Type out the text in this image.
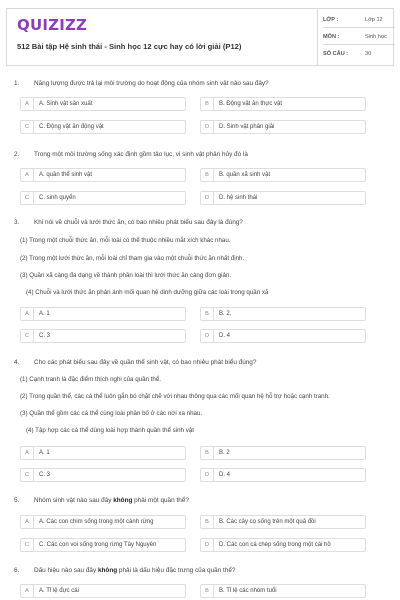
QUIZIZZ
512 Bài tập Hệ sinh thái - Sinh học 12 cực hay có lời giải (P12)
LỚP :	Lớp 12
MÔN :	Sinh học
SỐ CÂU :	30
1. Năng lượng được trả lại môi trường do hoạt động của nhóm sinh vật nào sau đây?
A	A. Sinh vật sản xuất	B	B. Động vật ăn thực vật
C	C. Động vật ăn động vật	D	D. Sinh vật phân giải
2. Trong một môi trường sống xác định gồm tảo lục, vi sinh vật phân hủy đó là
A	A. quần thể sinh vật	B	B. quần xã sinh vật
C	C. sinh quyển	D	D. hệ sinh thái
3. Khi nói về chuỗi và lưới thức ăn, có bao nhiêu phát biểu sau đây là đúng?
(1) Trong một chuỗi thức ăn, mỗi loài có thể thuộc nhiều mắt xích khác nhau.
(2) Trong một lưới thức ăn, mỗi loài chỉ tham gia vào một chuỗi thức ăn nhất định.
(3) Quần xã càng đa dạng về thành phần loài thì lưới thức ăn càng đơn giản.
(4) Chuỗi và lưới thức ăn phản ánh mối quan hệ dinh dưỡng giữa các loài trong quần xã
A	A. 1	B	B. 2.
C	C. 3	D	D. 4
4. Cho các phát biểu sau đây về quần thể sinh vật, có bao nhiêu phát biểu đúng?
(1) Cạnh tranh là đặc điểm thích nghi của quần thể.
(2) Trong quần thể, các cá thể luôn gắn bó chặt chẽ với nhau thông qua các mối quan hệ hỗ trợ hoặc cạnh tranh.
(3) Quần thể gồm các cá thể cùng loài phân bố ở các nơi xa nhau.
(4) Tập hợp các cá thể dùng loài hợp thành quần thể sinh vật
A	A. 1	B	B. 2
C	C. 3	D	D. 4
5. Nhóm sinh vật nào sau đây không phải một quần thể?
A	A. Các con chim sống trong một cánh rừng	B	B. Các cây cọ sống trên một quả đồi
C	C. Các con voi sống trong rừng Tây Nguyên	D	D. Các con cá chép sống trong một cái hồ
6. Dấu hiệu nào sau đây không phải là dấu hiệu đặc trưng của quần thể?
A	A. Tỉ lệ đực cái	B	B. Tỉ lệ các nhóm tuổi
